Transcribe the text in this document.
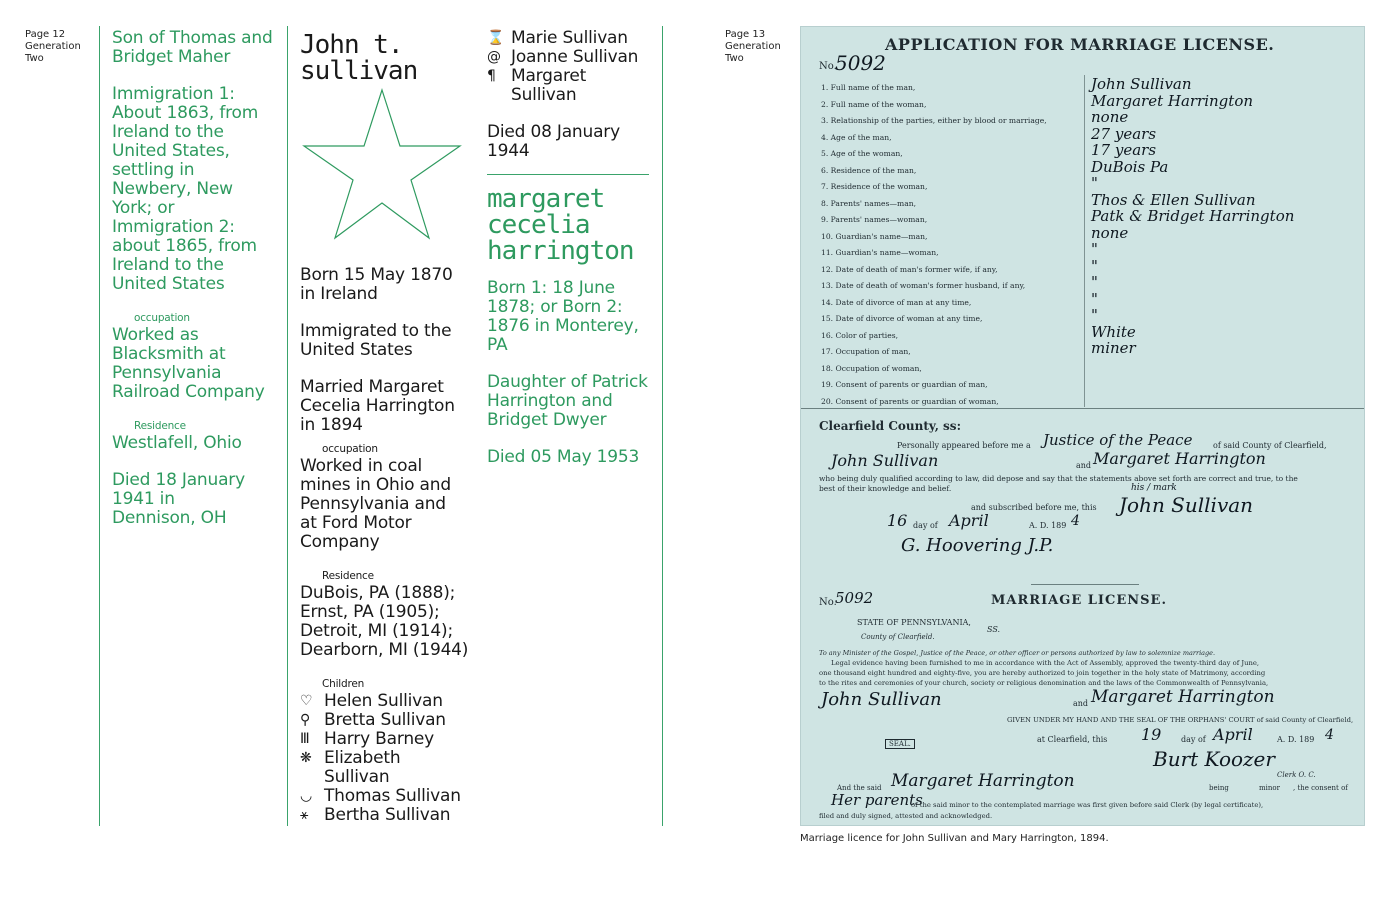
Page 12
Generation
Two

Son of Thomas and Bridget Maher

Immigration 1: About 1863, from Ireland to the United States, settling in Newbery, New York; or Immigration 2: about 1865, from Ireland to the United States

occupation

Worked as Blacksmith at Pennsylvania Railroad Company

Residence

Westlafell, Ohio

Died 18 January 1941 in Dennison, OH

John t.
sullivan

Born 15 May 1870 in Ireland

Immigrated to the United States

Married Margaret Cecelia Harrington in 1894

occupation

Worked in coal mines in Ohio and Pennsylvania and at Ford Motor Company

Residence
DuBois, PA (1888);
Ernst, PA (1905);
Detroit, MI (1914);
Dearborn, MI (1944)
Children
♡ Helen Sullivan
⚲ Bretta Sullivan
Ⅲ Harry Barney
❋ Elizabeth Sullivan
◡ Thomas Sullivan
⚹ Bertha Sullivan
⌛ Marie Sullivan
@ Joanne Sullivan
¶ Margaret Sullivan

Died 08 January 1944

margaret
cecelia
harrington

Born 1: 18 June 1878; or Born 2: 1876 in Monterey, PA

Daughter of Patrick Harrington and Bridget Dwyer

Died 05 May 1953

Page 13
Generation
Two
APPLICATION FOR MARRIAGE LICENSE.
No.
5092
1. Full name of the man,	John Sullivan
2. Full name of the woman,	Margaret Harrington
3. Relationship of the parties, either by blood or marriage,	none
4. Age of the man,	27 years
5. Age of the woman,	17 years
6. Residence of the man,	DuBois Pa
7. Residence of the woman,	"
8. Parents' names—man,	Thos & Ellen Sullivan
9. Parents' names—woman,	Patk & Bridget Harrington
10. Guardian's name—man,	none
11. Guardian's name—woman,	"
12. Date of death of man's former wife, if any,	"
13. Date of death of woman's former husband, if any,	"
14. Date of divorce of man at any time,	"
15. Date of divorce of woman at any time,	"
16. Color of parties,	White
17. Occupation of man,	miner
18. Occupation of woman,
19. Consent of parents or guardian of man,
20. Consent of parents or guardian of woman,
Clearfield County, ss:
Personally appeared before me a Justice of the Peace	of said County of Clearfield,
John Sullivan	and Margaret Harrington
who being duly qualified according to law, did depose and say that the statements above set forth are correct and true, to the
best of their knowledge and belief.
and subscribed before me, this
16 day of April	A. D. 189 4
John Sullivan
his / mark
G. Hoovering J.P.
No.
5092	MARRIAGE LICENSE.
STATE OF PENNSYLVANIA,
SS.
County of Clearfield.
To any Minister of the Gospel, Justice of the Peace, or other officer or persons authorized by law to solemnize marriage.
Legal evidence having been furnished to me in accordance with the Act of Assembly, approved the twenty-third day of June,
one thousand eight hundred and eighty-five, you are hereby authorized to join together in the holy state of Matrimony, according
to the rites and ceremonies of your church, society or religious denomination and the laws of the Commonwealth of Pennsylvania,
John Sullivan	and Margaret Harrington
GIVEN UNDER MY HAND AND THE SEAL OF THE ORPHANS' COURT of said County of Clearfield,
SEAL.	at Clearfield, this 19 day of April	A. D. 189 4
Burt Koozer
Clerk O. C.
And the said Margaret Harrington	being	minor , the consent of
Her parents
of the said minor to the contemplated marriage was first given before said Clerk (by legal certificate),
filed and duly signed, attested and acknowledged.
Marriage licence for John Sullivan and Mary Harrington, 1894.
